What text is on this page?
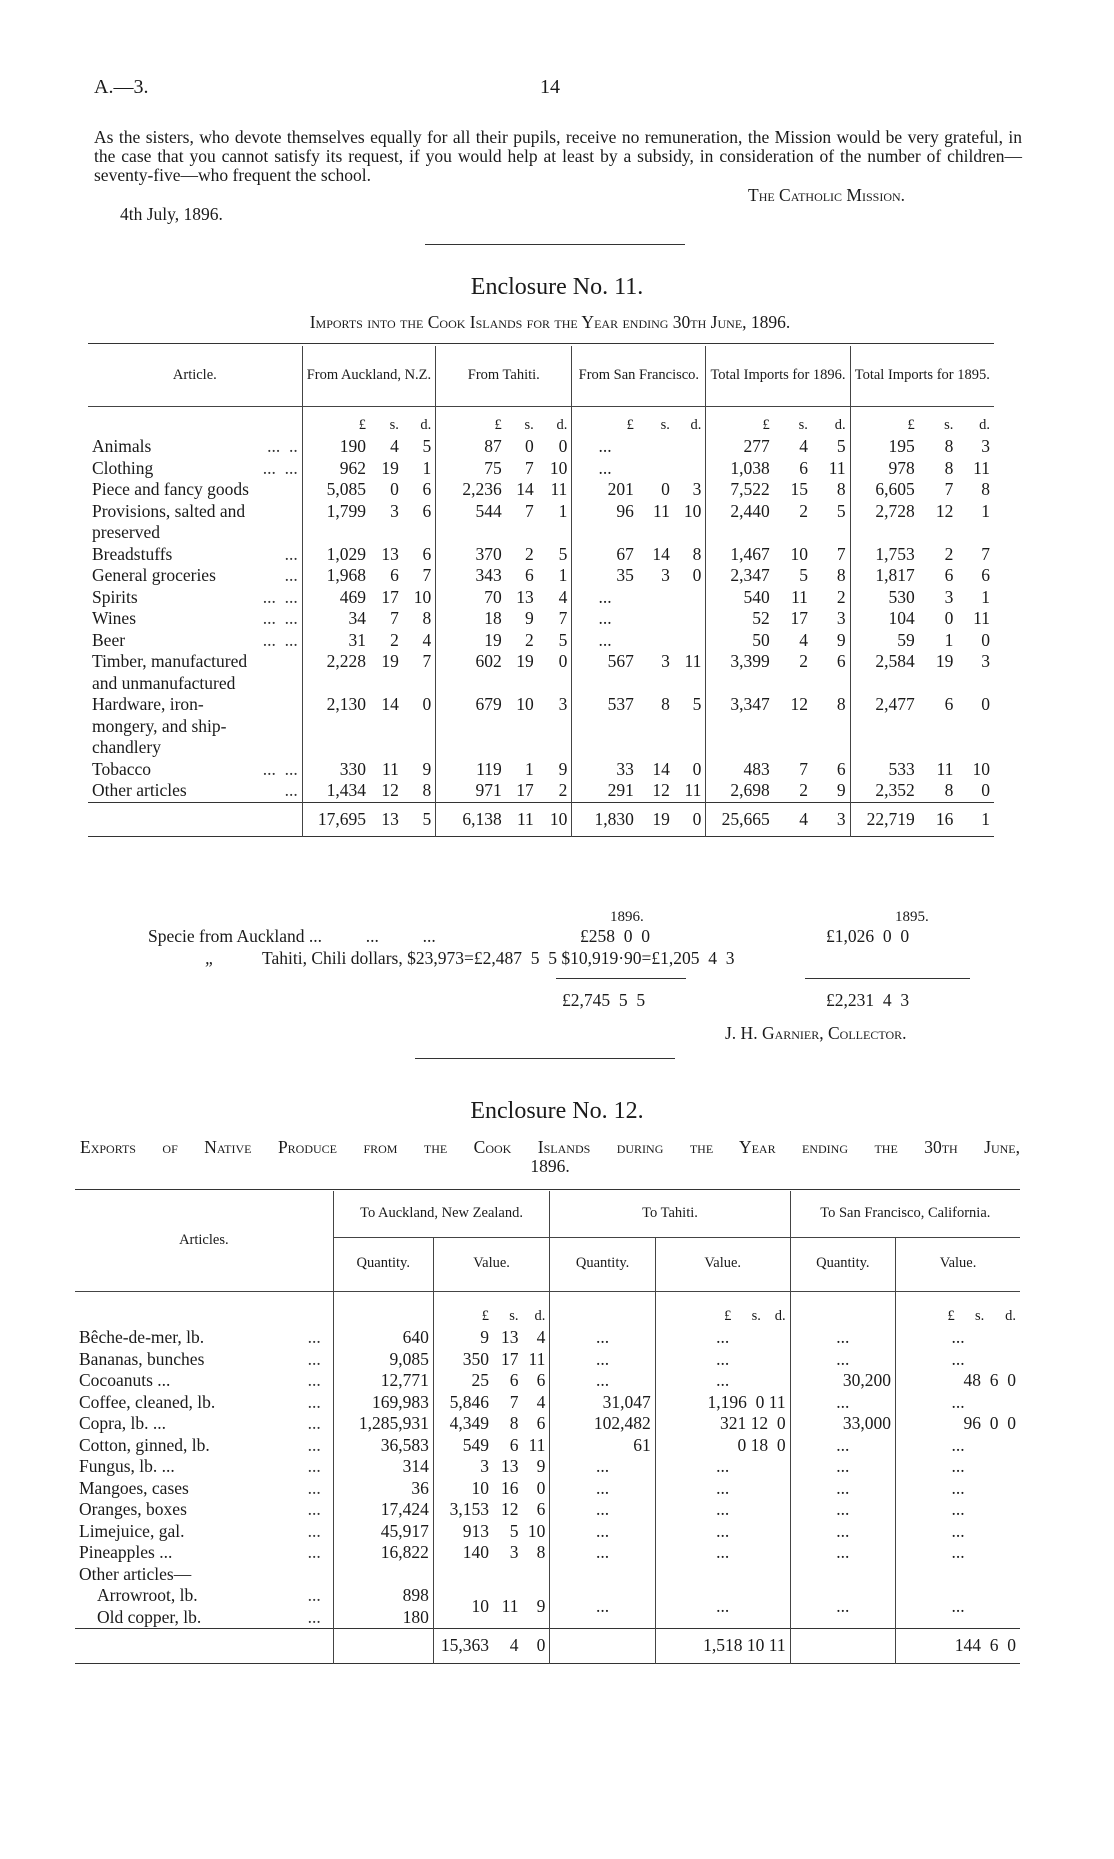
A.—3.	14
As the sisters, who devote themselves equally for all their pupils, receive no remuneration, the Mission would be very grateful, in the case that you cannot satisfy its request, if you would help at least by a subsidy, in consideration of the number of children—seventy-five—who frequent the school.
The Catholic Mission.
4th July, 1896.
Enclosure No. 11.
Imports into the Cook Islands for the Year ending 30th June, 1896.
Article.	From Auckland, N.Z.			From Tahiti.			From San Francisco.			Total Imports for 1896.			Total Imports for 1895.		
	£	s.	d.	£	s.	d.	£	s.	d.	£	s.	d.	£	s.	d.
Animals ...  ..	190	4	5	87	0	0	...			277	4	5	195	8	3
Clothing ...  ...	962	19	1	75	7	10	...			1,038	6	11	978	8	11
Piece and fancy goods	5,085	0	6	2,236	14	11	201	0	3	7,522	15	8	6,605	7	8
Provisions, salted and
preserved	1,799	3	6	544	7	1	96	11	10	2,440	2	5	2,728	12	1
Breadstuffs ...	1,029	13	6	370	2	5	67	14	8	1,467	10	7	1,753	2	7
General groceries ...	1,968	6	7	343	6	1	35	3	0	2,347	5	8	1,817	6	6
Spirits ...  ...	469	17	10	70	13	4	...			540	11	2	530	3	1
Wines ...  ...	34	7	8	18	9	7	...			52	17	3	104	0	11
Beer ...  ...	31	2	4	19	2	5	...			50	4	9	59	1	0
Timber, manufactured
and unmanufactured	2,228	19	7	602	19	0	567	3	11	3,399	2	6	2,584	19	3
Hardware, iron-
mongery, and ship-
chandlery	2,130	14	0	679	10	3	537	8	5	3,347	12	8	2,477	6	0
Tobacco ...  ...	330	11	9	119	1	9	33	14	0	483	7	6	533	11	10
Other articles ...	1,434	12	8	971	17	2	291	12	11	2,698	2	9	2,352	8	0
	17,695	13	5	6,138	11	10	1,830	19	0	25,665	4	3	22,719	16	1
1896.	1895.
Specie from Auckland ...          ...          ...	£258  0  0	£1,026  0  0
„	Tahiti, Chili dollars, $23,973=£2,487  5  5 $10,919·90=£1,205  4  3
£2,745  5  5	£2,231  4  3
J. H. Garnier, Collector.
Enclosure No. 12.
Exports of Native Produce from the Cook Islands during the Year ending the 30th June,
1896.
Articles.	To Auckland, New Zealand.				To Tahiti.				To San Francisco, California.			
	Quantity.	Value.			Quantity.	Value.			Quantity.	Value.		
		£	s.	d.		£	s.	d.		£	s.	d.
Bêche-de-mer, lb. ...	640	9	13	4	...	...			...	...		
Bananas, bunches ...	9,085	350	17	11	...	...			...	...		
Cocoanuts ... ...	12,771	25	6	6	...	...			30,200	48  6  0		
Coffee, cleaned, lb. ...	169,983	5,846	7	4	31,047	1,196  0 11			...	...		
Copra, lb. ... ...	1,285,931	4,349	8	6	102,482	321 12  0			33,000	96  0  0		
Cotton, ginned, lb. ...	36,583	549	6	11	61	0 18  0			...	...		
Fungus, lb. ... ...	314	3	13	9	...	...			...	...		
Mangoes, cases ...	36	10	16	0	...	...			...	...		
Oranges, boxes ...	17,424	3,153	12	6	...	...			...	...		
Limejuice, gal. ...	45,917	913	5	10	...	...			...	...		
Pineapples ... ...	16,822	140	3	8	...	...			...	...		
Other articles—												
Arrowroot, lb. ...	898	10	11	9	...	...			...	...		
Old copper, lb. ...	180											
		15,363	4	0		1,518 10 11				144  6  0		
